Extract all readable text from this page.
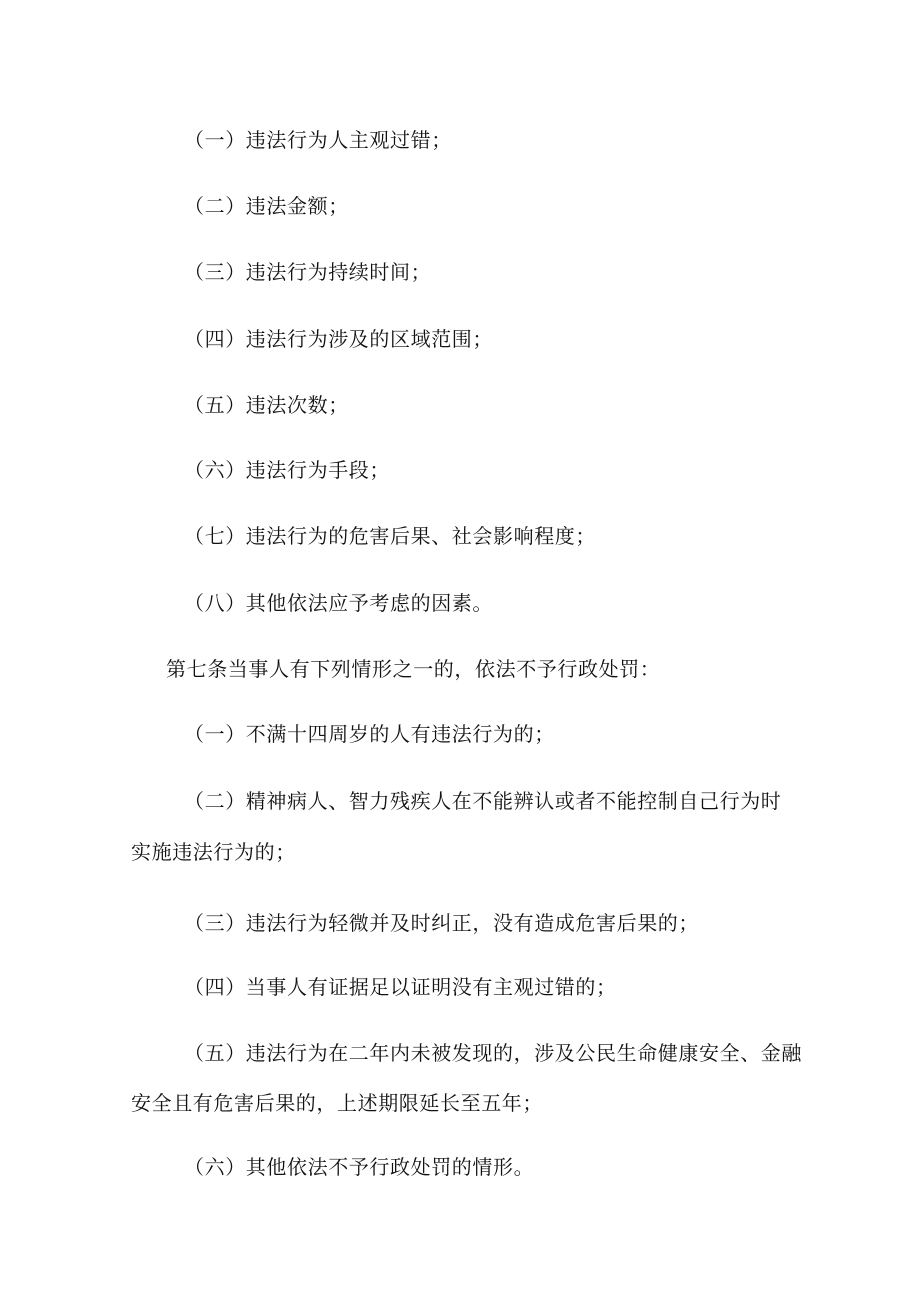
（一）违法行为人主观过错；
（二）违法金额；
（三）违法行为持续时间；
（四）违法行为涉及的区域范围；
（五）违法次数；
（六）违法行为手段；
（七）违法行为的危害后果、社会影响程度；
（八）其他依法应予考虑的因素。
第七条当事人有下列情形之一的，依法不予行政处罚：
（一）不满十四周岁的人有违法行为的；
（二）精神病人、智力残疾人在不能辨认或者不能控制自己行为时
实施违法行为的；
（三）违法行为轻微并及时纠正，没有造成危害后果的；
（四）当事人有证据足以证明没有主观过错的；
（五）违法行为在二年内未被发现的，涉及公民生命健康安全、金融
安全且有危害后果的，上述期限延长至五年；
（六）其他依法不予行政处罚的情形。
